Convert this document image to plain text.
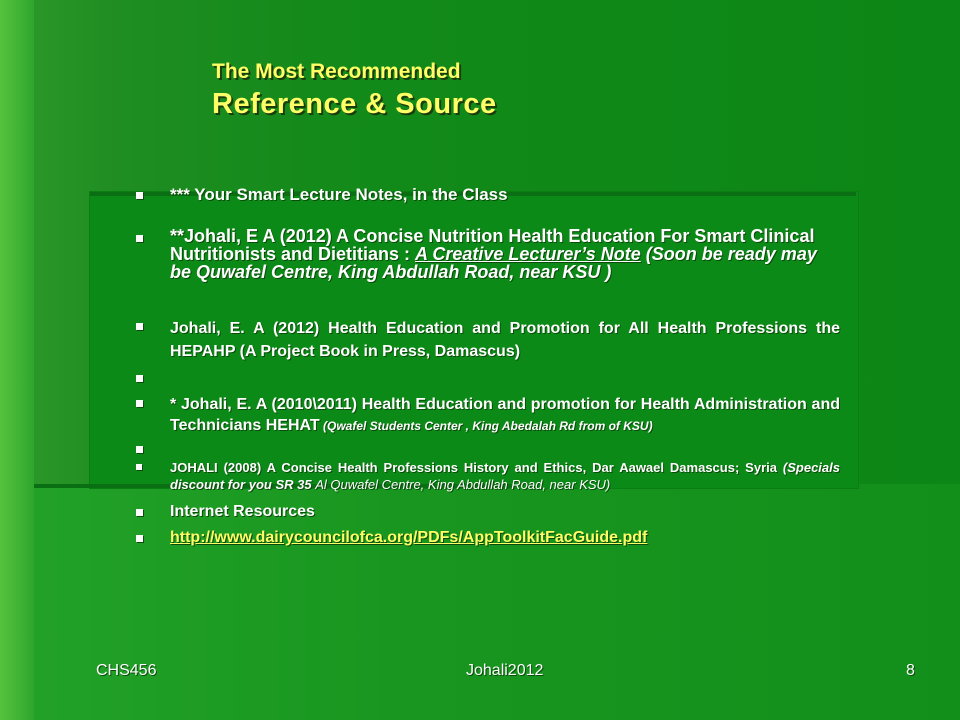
The Most Recommended
Reference & Source
*** Your Smart Lecture Notes, in the Class
**Johali, E A (2012) A Concise Nutrition Health Education For Smart Clinical Nutritionists and Dietitians : A Creative Lecturer’s Note (Soon be ready may be Quwafel Centre, King Abdullah Road, near KSU )
Johali, E. A (2012) Health Education and Promotion for All Health Professions the HEPAHP (A Project Book in Press, Damascus)
* Johali, E. A (2010\2011) Health Education and promotion for Health Administration and Technicians HEHAT (Qwafel Students Center , King Abedalah Rd from of KSU)
JOHALI (2008) A Concise Health Professions History and Ethics, Dar Aawael Damascus; Syria (Specials discount for you SR 35 Al Quwafel Centre, King Abdullah Road, near KSU)
Internet Resources
http://www.dairycouncilofca.org/PDFs/AppToolkitFacGuide.pdf
CHS456	Johali2012	8
